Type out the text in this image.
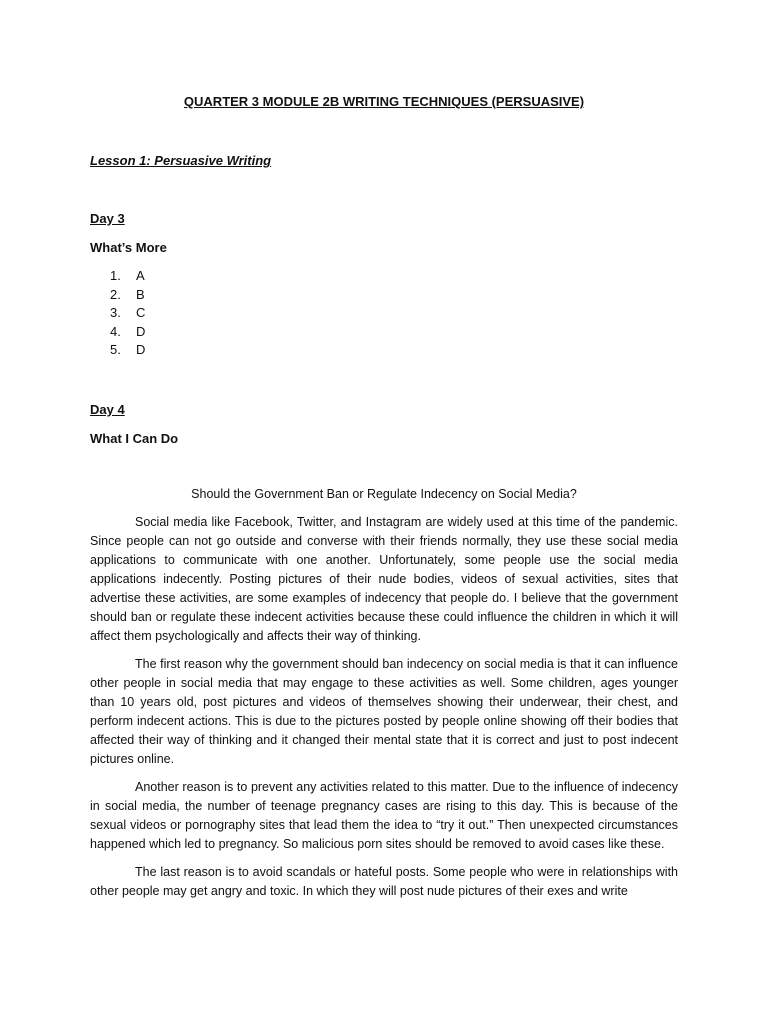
QUARTER 3 MODULE 2B WRITING TECHNIQUES (PERSUASIVE)
Lesson 1: Persuasive Writing
Day 3
What’s More
1. A
2. B
3. C
4. D
5. D
Day 4
What I Can Do
Should the Government Ban or Regulate Indecency on Social Media?

Social media like Facebook, Twitter, and Instagram are widely used at this time of the pandemic. Since people can not go outside and converse with their friends normally, they use these social media applications to communicate with one another. Unfortunately, some people use the social media applications indecently. Posting pictures of their nude bodies, videos of sexual activities, sites that advertise these activities, are some examples of indecency that people do. I believe that the government should ban or regulate these indecent activities because these could influence the children in which it will affect them psychologically and affects their way of thinking.

The first reason why the government should ban indecency on social media is that it can influence other people in social media that may engage to these activities as well. Some children, ages younger than 10 years old, post pictures and videos of themselves showing their underwear, their chest, and perform indecent actions. This is due to the pictures posted by people online showing off their bodies that affected their way of thinking and it changed their mental state that it is correct and just to post indecent pictures online.

Another reason is to prevent any activities related to this matter. Due to the influence of indecency in social media, the number of teenage pregnancy cases are rising to this day. This is because of the sexual videos or pornography sites that lead them the idea to “try it out.” Then unexpected circumstances happened which led to pregnancy. So malicious porn sites should be removed to avoid cases like these.

The last reason is to avoid scandals or hateful posts. Some people who were in relationships with other people may get angry and toxic. In which they will post nude pictures of their exes and write
